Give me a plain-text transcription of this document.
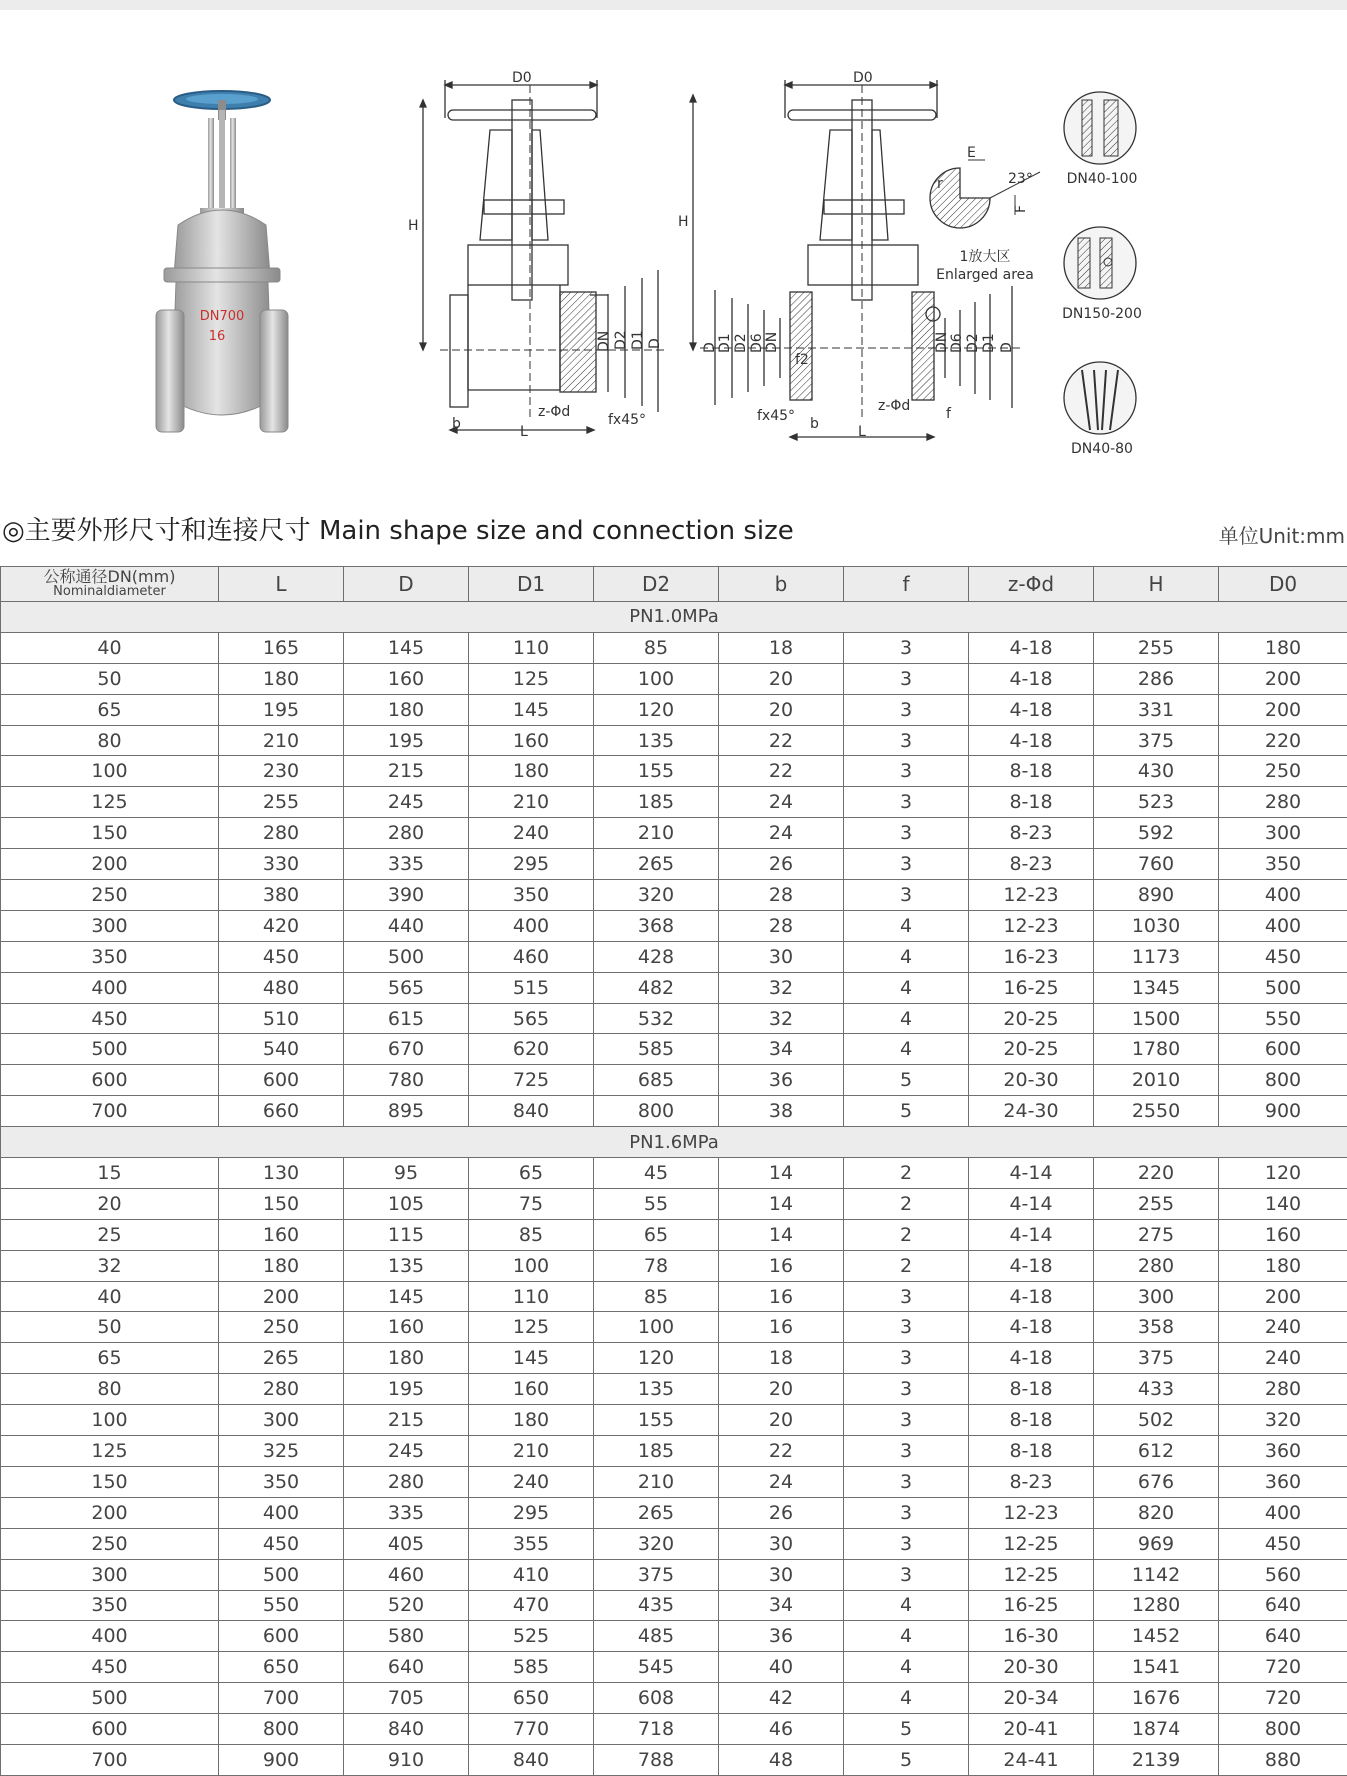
DN700
16
D0
H
DN D2 D1 D
b	L
z-Φd	fx45°
D0
H
D D1 D2 D6 DN
f2
fx45° b	L
z-Φd	f
I
DN D6 D2 D1 D
E
r	23°
F
1放大区
Enlarged area
DN40-100
DN150-200
DN40-80
◎主要外形尺寸和连接尺寸 Main shape size and connection size	单位Unit:mm
公称通径DN(mm)
Nominaldiameter	L	D	D1	D2	b	f	z-Φd	H	D0
PN1.0MPa									
40	165	145	110	85	18	3	4-18	255	180
50	180	160	125	100	20	3	4-18	286	200
65	195	180	145	120	20	3	4-18	331	200
80	210	195	160	135	22	3	4-18	375	220
100	230	215	180	155	22	3	8-18	430	250
125	255	245	210	185	24	3	8-18	523	280
150	280	280	240	210	24	3	8-23	592	300
200	330	335	295	265	26	3	8-23	760	350
250	380	390	350	320	28	3	12-23	890	400
300	420	440	400	368	28	4	12-23	1030	400
350	450	500	460	428	30	4	16-23	1173	450
400	480	565	515	482	32	4	16-25	1345	500
450	510	615	565	532	32	4	20-25	1500	550
500	540	670	620	585	34	4	20-25	1780	600
600	600	780	725	685	36	5	20-30	2010	800
700	660	895	840	800	38	5	24-30	2550	900
PN1.6MPa									
15	130	95	65	45	14	2	4-14	220	120
20	150	105	75	55	14	2	4-14	255	140
25	160	115	85	65	14	2	4-14	275	160
32	180	135	100	78	16	2	4-18	280	180
40	200	145	110	85	16	3	4-18	300	200
50	250	160	125	100	16	3	4-18	358	240
65	265	180	145	120	18	3	4-18	375	240
80	280	195	160	135	20	3	8-18	433	280
100	300	215	180	155	20	3	8-18	502	320
125	325	245	210	185	22	3	8-18	612	360
150	350	280	240	210	24	3	8-23	676	360
200	400	335	295	265	26	3	12-23	820	400
250	450	405	355	320	30	3	12-25	969	450
300	500	460	410	375	30	3	12-25	1142	560
350	550	520	470	435	34	4	16-25	1280	640
400	600	580	525	485	36	4	16-30	1452	640
450	650	640	585	545	40	4	20-30	1541	720
500	700	705	650	608	42	4	20-34	1676	720
600	800	840	770	718	46	5	20-41	1874	800
700	900	910	840	788	48	5	24-41	2139	880
